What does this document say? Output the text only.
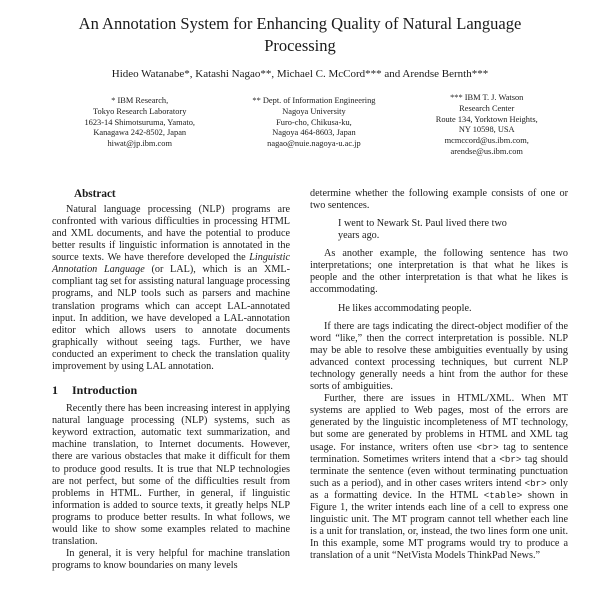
An Annotation System for Enhancing Quality of Natural Language Processing
Hideo Watanabe*, Katashi Nagao**, Michael C. McCord*** and Arendse Bernth***
* IBM Research,
Tokyo Research Laboratory
1623-14 Shimotsuruma, Yamato,
Kanagawa 242-8502, Japan
hiwat@jp.ibm.com
** Dept. of Information Engineering
Nagoya University
Furo-cho, Chikusa-ku,
Nagoya 464-8603, Japan
nagao@nuie.nagoya-u.ac.jp
*** IBM T. J. Watson
Research Center
Route 134, Yorktown Heights,
NY 10598, USA
mcmccord@us.ibm.com,
arendse@us.ibm.com
Abstract

Natural language processing (NLP) programs are confronted with various difficulties in processing HTML and XML documents, and have the potential to produce better results if linguistic information is annotated in the source texts. We have therefore developed the Linguistic Annotation Language (or LAL), which is an XML-compliant tag set for assisting natural language processing programs, and NLP tools such as parsers and machine translation programs which can accept LAL-annotated input. In addition, we have developed a LAL-annotation editor which allows users to annotate documents graphically without seeing tags. Further, we have conducted an experiment to check the translation quality improvement by using LAL annotation.

1 Introduction

Recently there has been increasing interest in applying natural language processing (NLP) systems, such as keyword extraction, automatic text summarization, and machine translation, to Internet documents. However, there are various obstacles that make it difficult for them to produce good results. It is true that NLP technologies are not perfect, but some of the difficulties result from problems in HTML. Further, in general, if linguistic information is added to source texts, it greatly helps NLP programs to produce better results. In what follows, we would like to show some examples related to machine translation.

In general, it is very helpful for machine translation programs to know boundaries on many levels

determine whether the following example consists of one or two sentences.

I went to Newark St. Paul lived there two years ago.

As another example, the following sentence has two interpretations; one interpretation is that what he likes is people and the other interpretation is that what he likes is accommodating.

He likes accommodating people.

If there are tags indicating the direct-object modifier of the word “like,” then the correct interpretation is possible. NLP may be able to resolve these ambiguities eventually by using advanced context processing techniques, but current NLP technology generally needs a hint from the author for these sorts of ambiguities.

Further, there are issues in HTML/XML. When MT systems are applied to Web pages, most of the errors are generated by the linguistic incompleteness of MT technology, but some are generated by problems in HTML and XML tag usage. For instance, writers often use <br> tag to sentence termination. Sometimes writers intend that a <br> tag should terminate the sentence (even without terminating punctuation such as a period), and in other cases writers intend <br> only as a formatting device. In the HTML <table> shown in Figure 1, the writer intends each line of a cell to express one linguistic unit. The MT program cannot tell whether each line is a unit for translation, or, instead, the two lines form one unit. In this example, some MT programs would try to produce a translation of a unit “NetVista Models ThinkPad News.”
